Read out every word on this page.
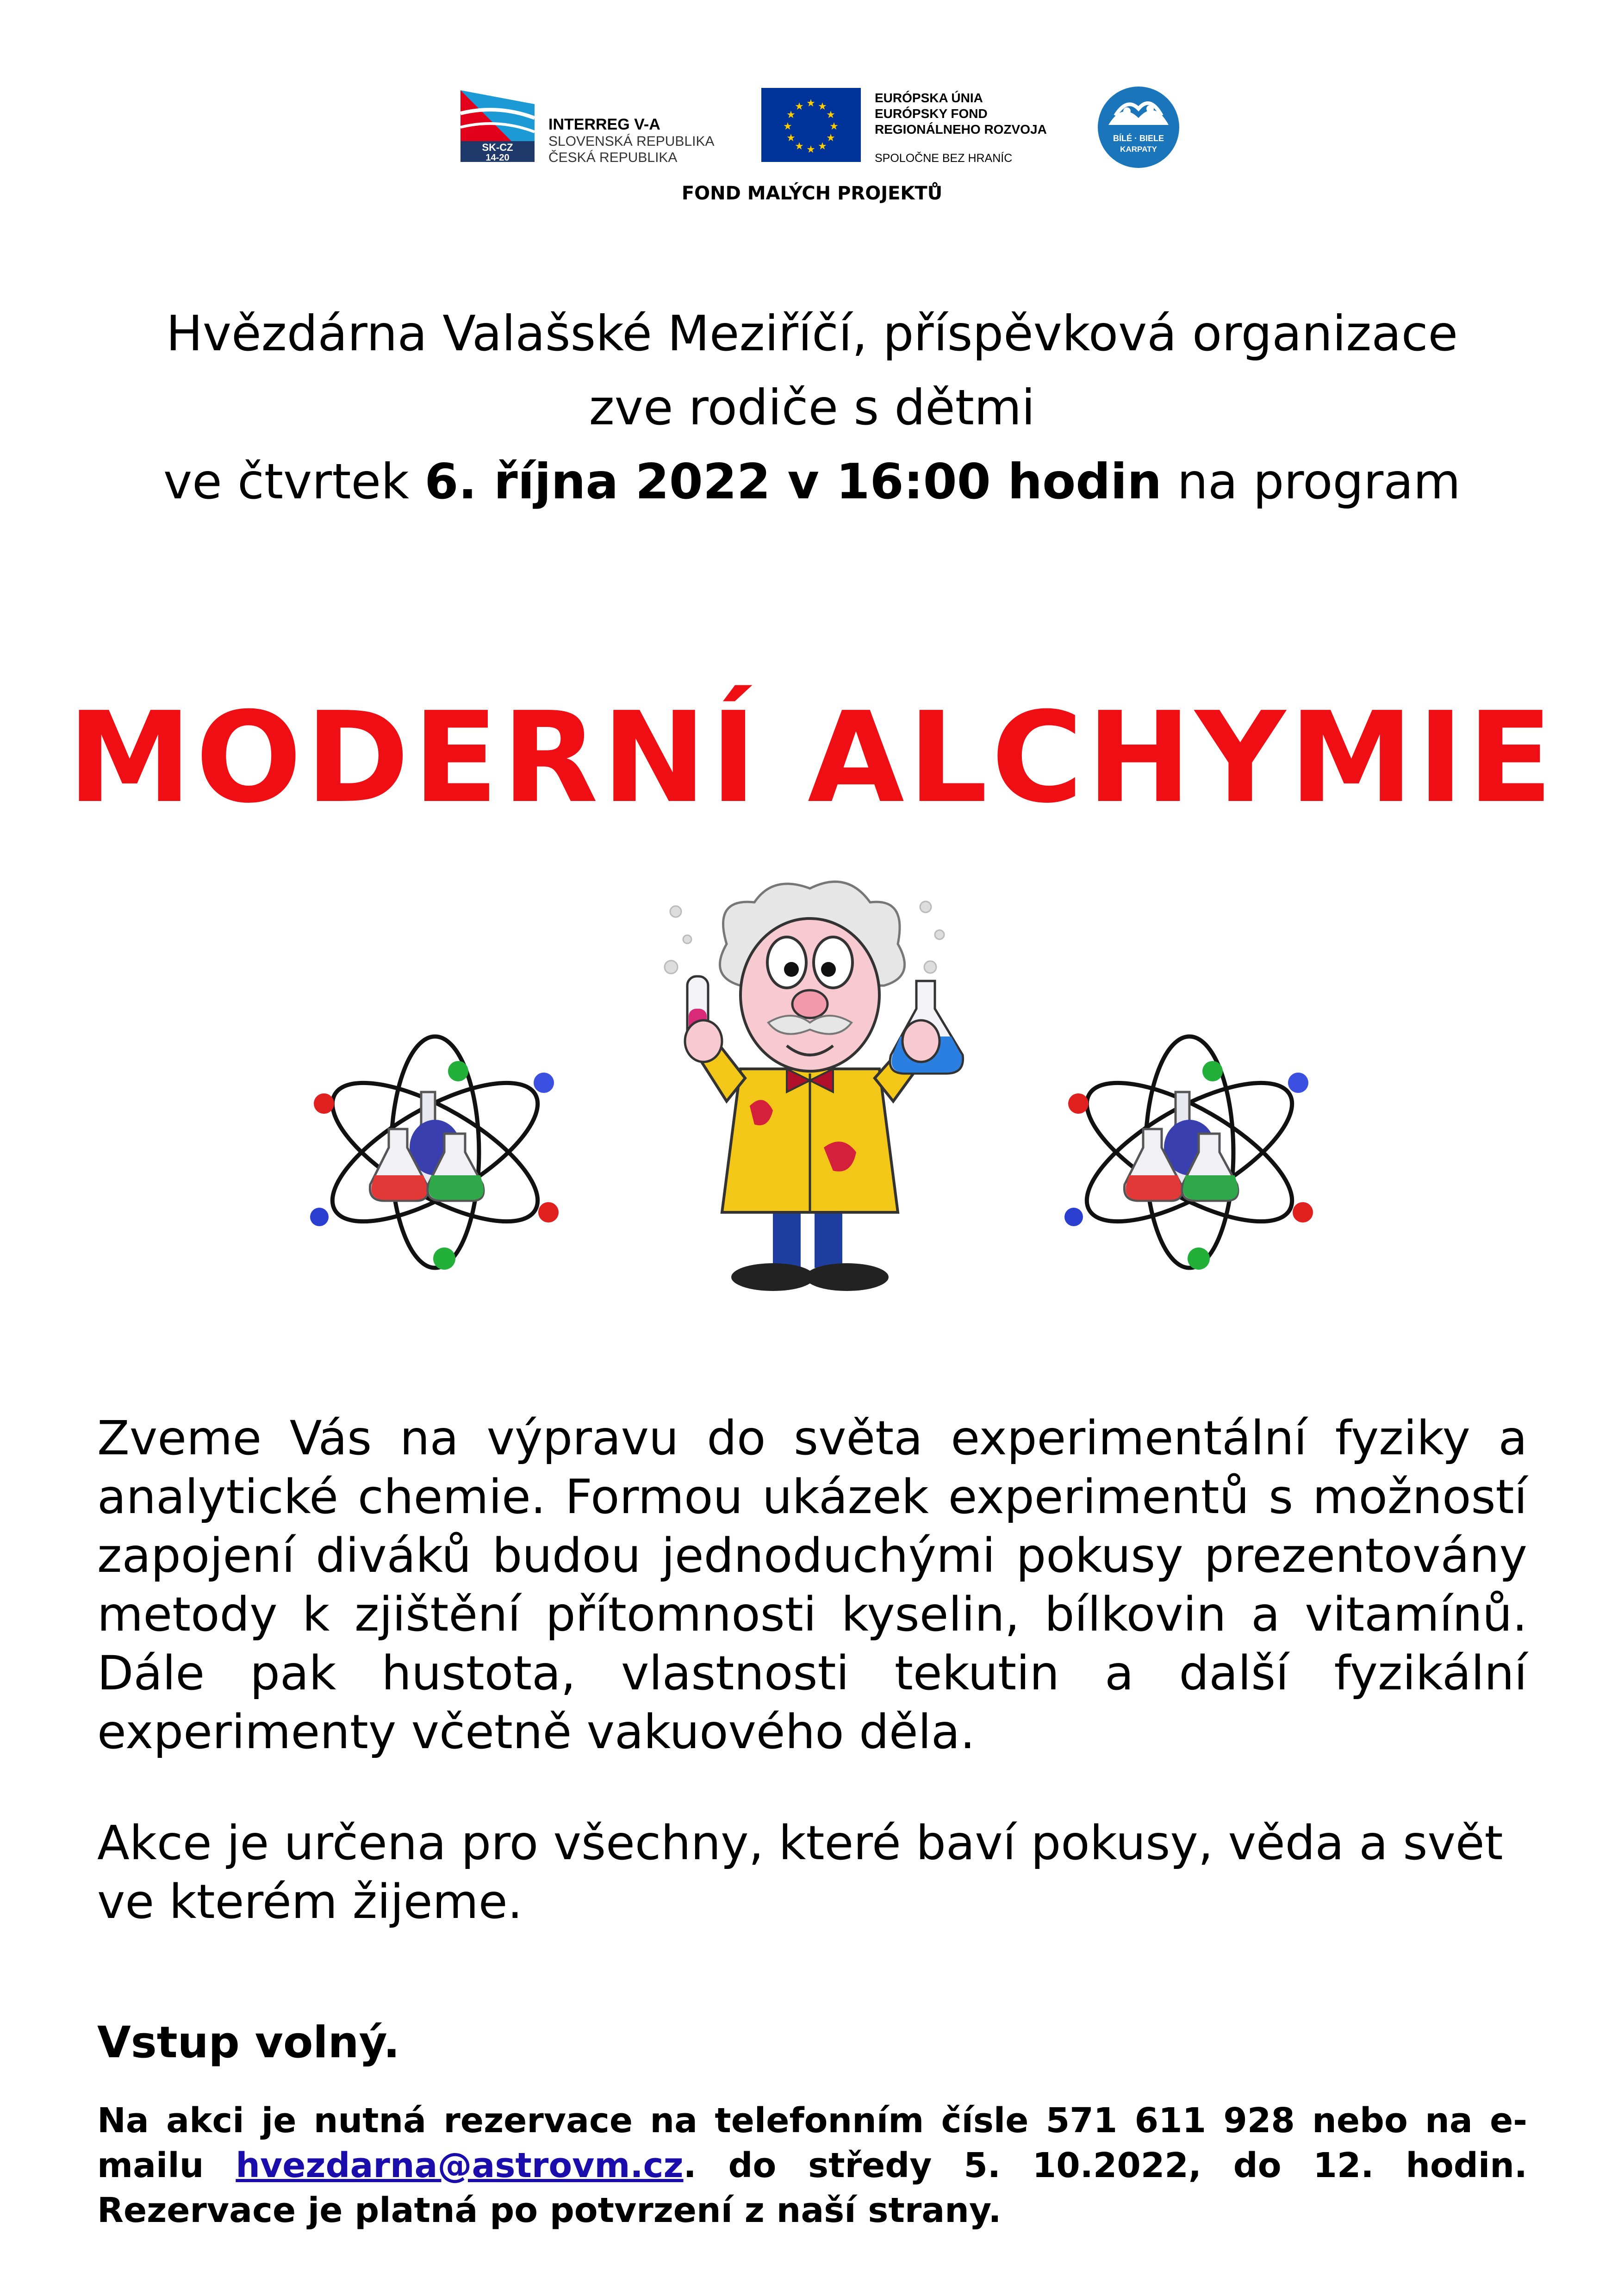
SK-CZ
14-20
INTERREG V-A
SLOVENSKÁ REPUBLIKA
ČESKÁ REPUBLIKA
★ ★
★
★
★
★
★
★
★
★
★
★
EURÓPSKA ÚNIA
EURÓPSKY FOND
REGIONÁLNEHO ROZVOJA
SPOLOČNE BEZ HRANÍC
BÍLÉ · BIELE
KARPATY
FOND MALÝCH PROJEKTŮ
Hvězdárna Valašské Meziříčí, příspěvková organizace
zve rodiče s dětmi
ve čtvrtek 6. října 2022 v 16:00 hodin na program
MODERNÍ ALCHYMIE
Zveme Vás na výpravu do světa experimentální fyziky a analytické chemie. Formou ukázek experimentů s možností zapojení diváků budou jednoduchými pokusy prezentovány metody k zjištění přítomnosti kyselin, bílkovin a vitamínů. Dále pak hustota, vlastnosti tekutin a další fyzikální experimenty včetně vakuového děla.
Akce je určena pro všechny, které baví pokusy, věda a svět ve kterém žijeme.
Vstup volný.
Na akci je nutná rezervace na telefonním čísle 571 611 928 nebo na e-mailu hvezdarna@astrovm.cz. do středy 5. 10.2022, do 12. hodin. Rezervace je platná po potvrzení z naší strany.
